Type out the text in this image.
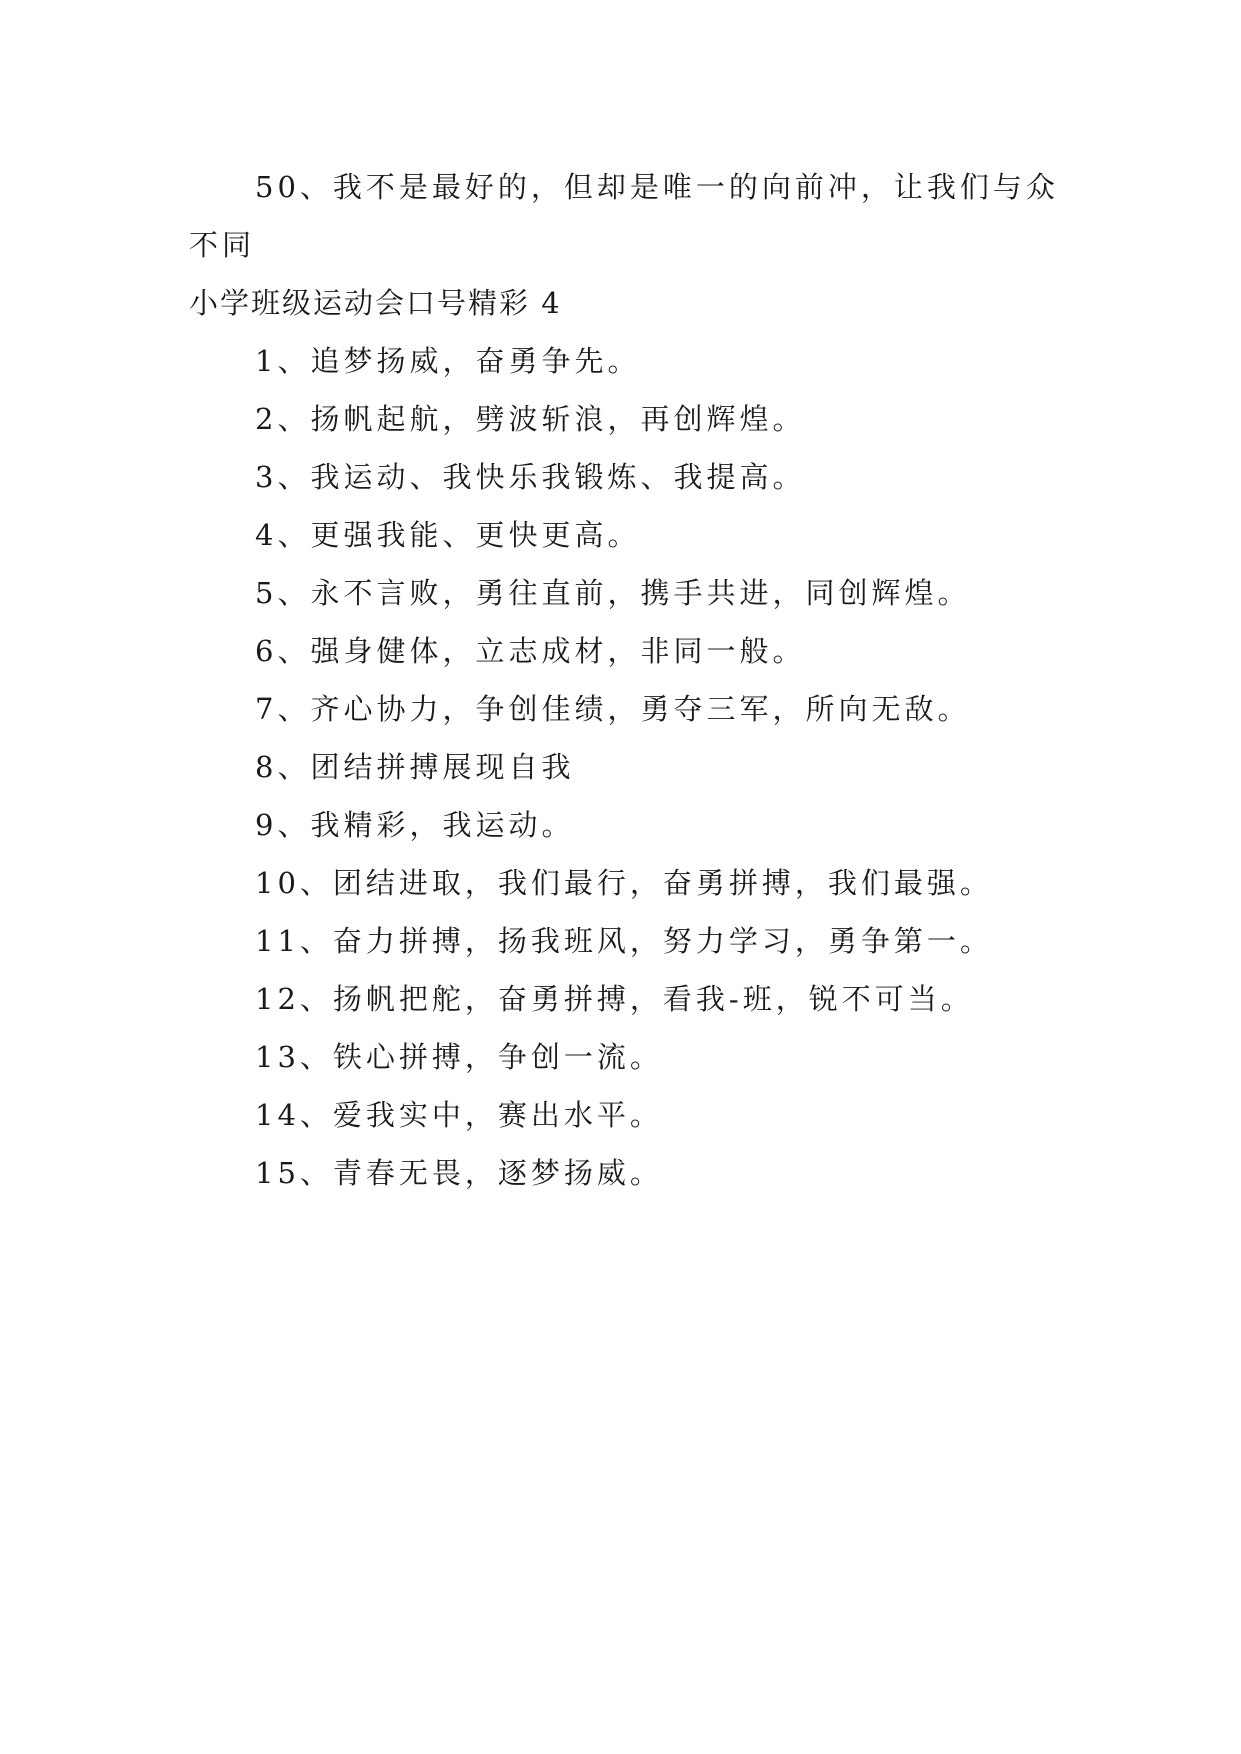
50、我不是最好的，但却是唯一的向前冲，让我们与众

不同

小学班级运动会口号精彩 4

1、追梦扬威，奋勇争先。
2、扬帆起航，劈波斩浪，再创辉煌。
3、我运动、我快乐我锻炼、我提高。
4、更强我能、更快更高。
5、永不言败，勇往直前，携手共进，同创辉煌。
6、强身健体，立志成材，非同一般。
7、齐心协力，争创佳绩，勇夺三军，所向无敌。
8、团结拼搏展现自我
9、我精彩，我运动。
10、团结进取，我们最行，奋勇拼搏，我们最强。
11、奋力拼搏，扬我班风，努力学习，勇争第一。
12、扬帆把舵，奋勇拼搏，看我-班，锐不可当。
13、铁心拼搏，争创一流。
14、爱我实中，赛出水平。
15、青春无畏，逐梦扬威。
